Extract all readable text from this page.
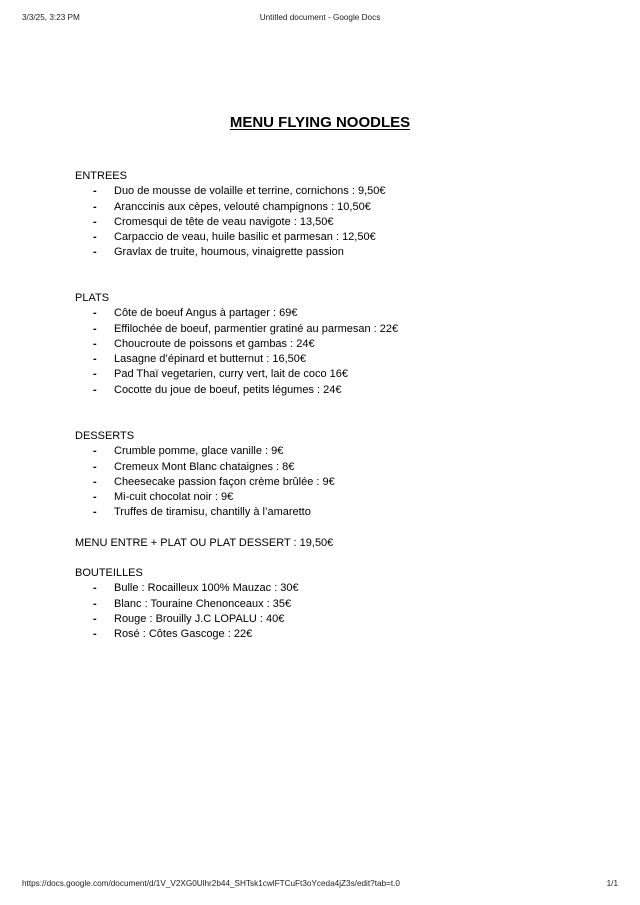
3/3/25, 3:23 PM	Untitled document - Google Docs
MENU FLYING NOODLES
ENTREES
- Duo de mousse de volaille et terrine, cornichons : 9,50€
- Aranccinis aux cèpes, velouté champignons : 10,50€
- Cromesqui de tête de veau navigote : 13,50€
- Carpaccio de veau, huile basilic et parmesan : 12,50€
- Gravlax de truite, houmous, vinaigrette passion
PLATS
- Côte de boeuf Angus à partager : 69€
- Effilochée de boeuf, parmentier gratiné au parmesan : 22€
- Choucroute de poissons et gambas : 24€
- Lasagne d’épinard et butternut : 16,50€
- Pad Thaï vegetarien, curry vert, lait de coco 16€
- Cocotte du joue de boeuf, petits légumes : 24€
DESSERTS
- Crumble pomme, glace vanille : 9€
- Cremeux Mont Blanc chataignes : 8€
- Cheesecake passion façon crème brûlée : 9€
- Mi-cuit chocolat noir : 9€
- Truffes de tiramisu, chantilly à l’amaretto
MENU ENTRE + PLAT OU PLAT DESSERT : 19,50€
BOUTEILLES
- Bulle : Rocailleux 100% Mauzac : 30€
- Blanc : Touraine Chenonceaux : 35€
- Rouge : Brouilly J.C LOPALU : 40€
- Rosé : Côtes Gascoge : 22€
https://docs.google.com/document/d/1V_V2XG0Ulhr2b44_SHTsk1cwlFTCuFt3oYceda4jZ3s/edit?tab=t.0	1/1
